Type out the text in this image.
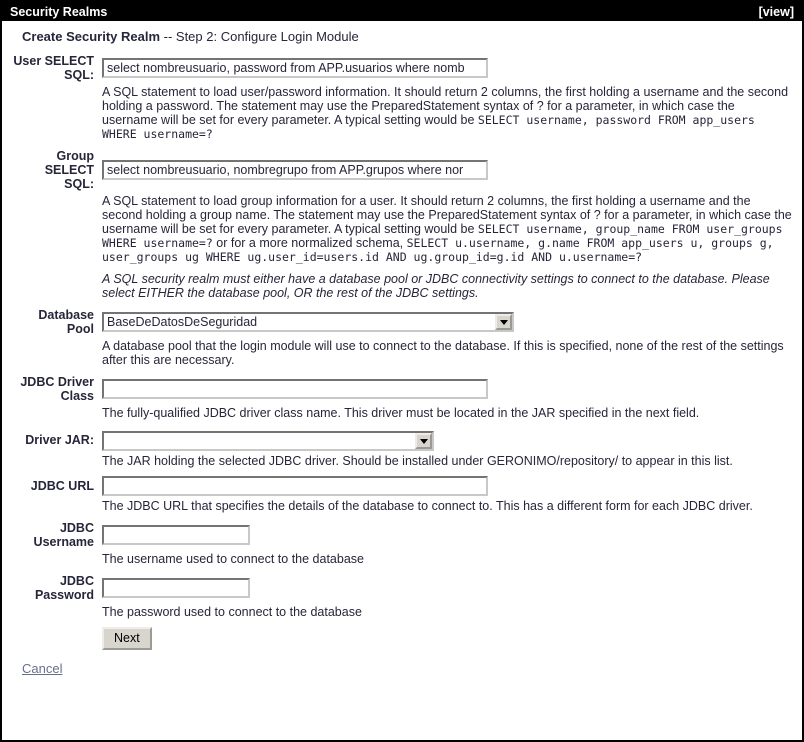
Security Realms	[view]
Create Security Realm -- Step 2: Configure Login Module
User SELECT SQL:
select nombreusuario, password from APP.usuarios where nomb
A SQL statement to load user/password information. It should return 2 columns, the first holding a username and the second holding a password. The statement may use the PreparedStatement syntax of ? for a parameter, in which case the username will be set for every parameter. A typical setting would be SELECT username, password FROM app_users WHERE username=?
Group SELECT SQL:
select nombreusuario, nombregrupo from APP.grupos where nor
A SQL statement to load group information for a user. It should return 2 columns, the first holding a username and the second holding a group name. The statement may use the PreparedStatement syntax of ? for a parameter, in which case the username will be set for every parameter. A typical setting would be SELECT username, group_name FROM user_groups WHERE username=? or for a more normalized schema, SELECT u.username, g.name FROM app_users u, groups g, user_groups ug WHERE ug.user_id=users.id AND ug.group_id=g.id AND u.username=?
A SQL security realm must either have a database pool or JDBC connectivity settings to connect to the database. Please select EITHER the database pool, OR the rest of the JDBC settings.
Database Pool BaseDeDatosDeSeguridad
A database pool that the login module will use to connect to the database. If this is specified, none of the rest of the settings after this are necessary.
JDBC Driver Class
The fully-qualified JDBC driver class name. This driver must be located in the JAR specified in the next field.
Driver JAR:
The JAR holding the selected JDBC driver. Should be installed under GERONIMO/repository/ to appear in this list.
JDBC URL
The JDBC URL that specifies the details of the database to connect to. This has a different form for each JDBC driver.
JDBC Username
The username used to connect to the database
JDBC Password
The password used to connect to the database
Next
Cancel
